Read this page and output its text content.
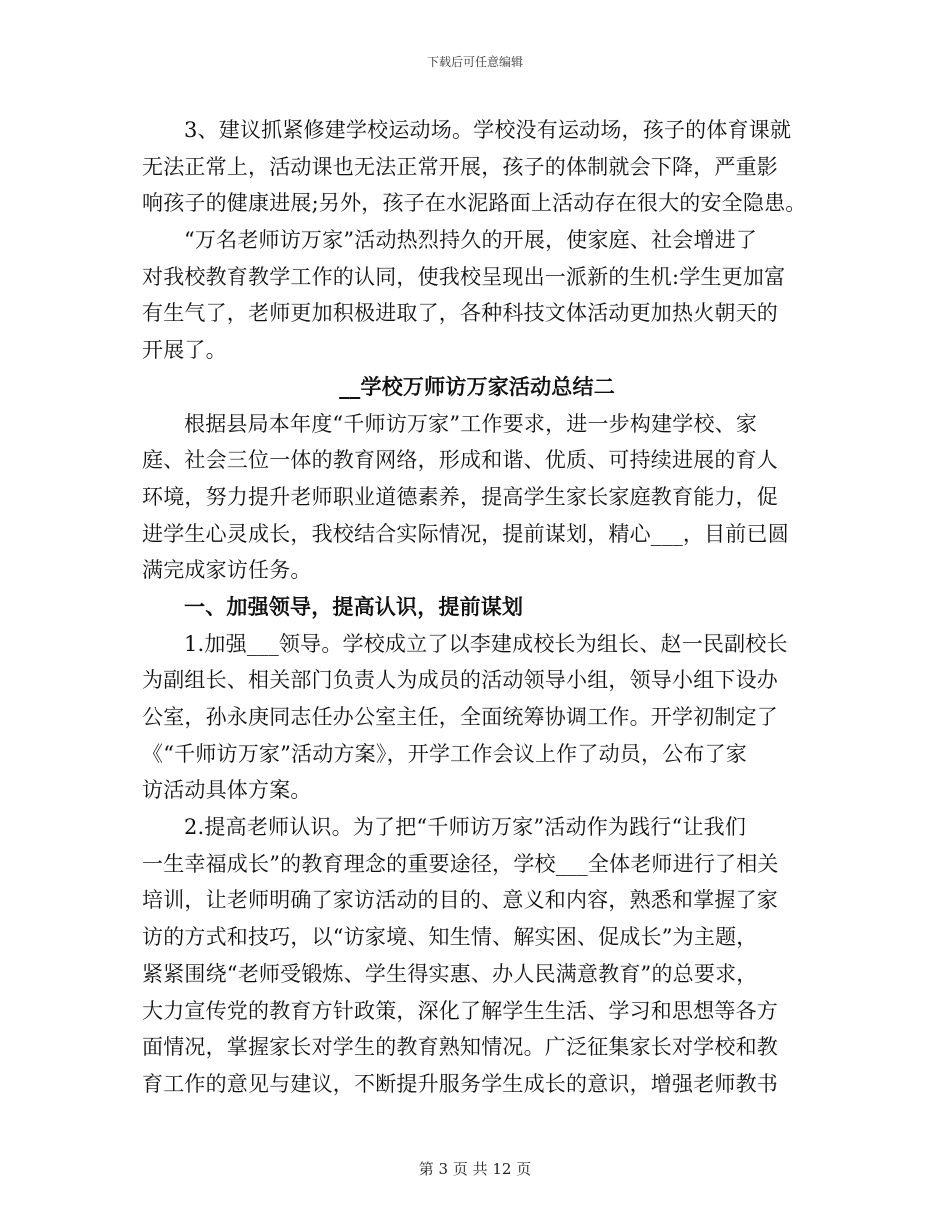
下载后可任意编辑
3、建议抓紧修建学校运动场。学校没有运动场，孩子的体育课就
无法正常上，活动课也无法正常开展，孩子的体制就会下降，严重影
响孩子的健康进展;另外，孩子在水泥路面上活动存在很大的安全隐患。
“万名老师访万家”活动热烈持久的开展，使家庭、社会增进了
对我校教育教学工作的认同，使我校呈现出一派新的生机:学生更加富
有生气了，老师更加积极进取了，各种科技文体活动更加热火朝天的
开展了。
__学校万师访万家活动总结二
根据县局本年度“千师访万家”工作要求，进一步构建学校、家
庭、社会三位一体的教育网络，形成和谐、优质、可持续进展的育人
环境，努力提升老师职业道德素养，提高学生家长家庭教育能力，促
进学生心灵成长，我校结合实际情况，提前谋划，精心___，目前已圆
满完成家访任务。
一、加强领导，提高认识，提前谋划
1.加强___领导。学校成立了以李建成校长为组长、赵一民副校长
为副组长、相关部门负责人为成员的活动领导小组，领导小组下设办
公室，孙永庚同志任办公室主任，全面统筹协调工作。开学初制定了
《“千师访万家”活动方案》，开学工作会议上作了动员，公布了家
访活动具体方案。
2.提高老师认识。为了把“千师访万家”活动作为践行“让我们
一生幸福成长”的教育理念的重要途径，学校___全体老师进行了相关
培训，让老师明确了家访活动的目的、意义和内容，熟悉和掌握了家
访的方式和技巧，以“访家境、知生情、解实困、促成长”为主题，
紧紧围绕“老师受锻炼、学生得实惠、办人民满意教育”的总要求，
大力宣传党的教育方针政策，深化了解学生生活、学习和思想等各方
面情况，掌握家长对学生的教育熟知情况。广泛征集家长对学校和教
育工作的意见与建议，不断提升服务学生成长的意识，增强老师教书
第 3 页 共 12 页
